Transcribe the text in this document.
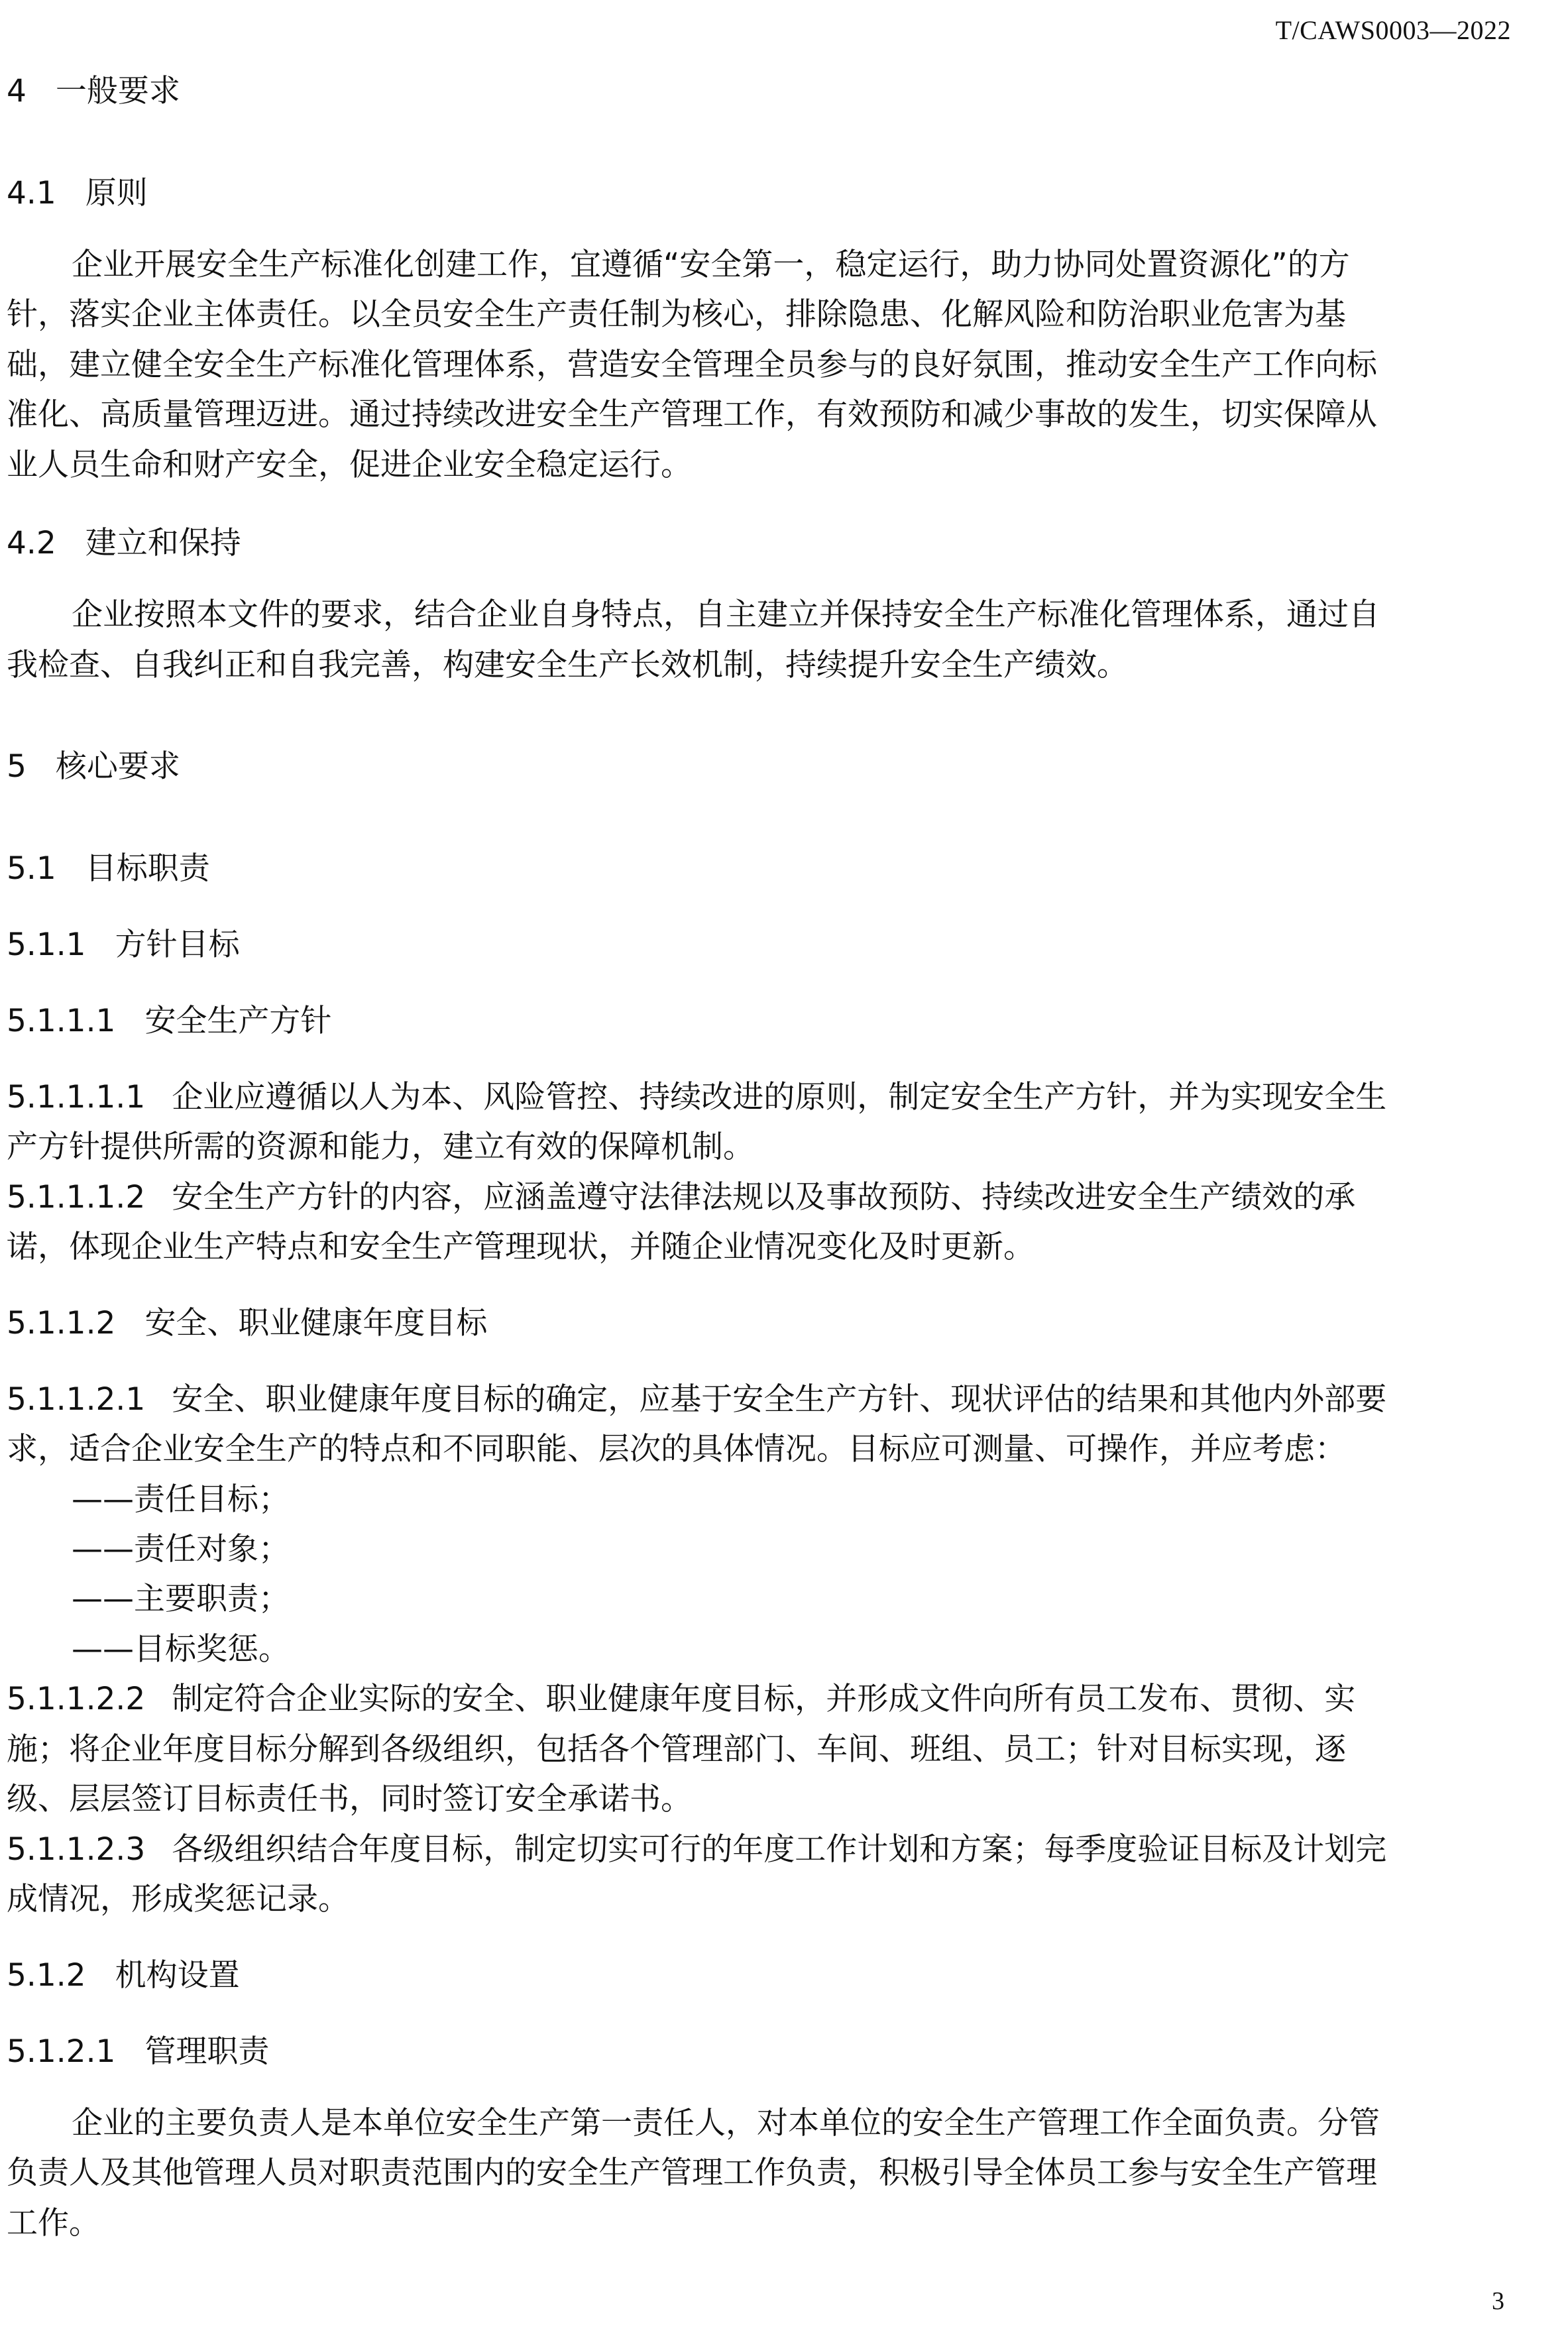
T/CAWS0003—2022
4 一般要求
4.1 原则
企业开展安全生产标准化创建工作，宜遵循“安全第一，稳定运行，助力协同处置资源化”的方
针，落实企业主体责任。以全员安全生产责任制为核心，排除隐患、化解风险和防治职业危害为基
础，建立健全安全生产标准化管理体系，营造安全管理全员参与的良好氛围，推动安全生产工作向标
准化、高质量管理迈进。通过持续改进安全生产管理工作，有效预防和减少事故的发生，切实保障从
业人员生命和财产安全，促进企业安全稳定运行。
4.2 建立和保持
企业按照本文件的要求，结合企业自身特点，自主建立并保持安全生产标准化管理体系，通过自
我检查、自我纠正和自我完善，构建安全生产长效机制，持续提升安全生产绩效。
5 核心要求
5.1 目标职责
5.1.1 方针目标
5.1.1.1 安全生产方针
5.1.1.1.1 企业应遵循以人为本、风险管控、持续改进的原则，制定安全生产方针，并为实现安全生
产方针提供所需的资源和能力，建立有效的保障机制。
5.1.1.1.2 安全生产方针的内容，应涵盖遵守法律法规以及事故预防、持续改进安全生产绩效的承
诺，体现企业生产特点和安全生产管理现状，并随企业情况变化及时更新。
5.1.1.2 安全、职业健康年度目标
5.1.1.2.1 安全、职业健康年度目标的确定，应基于安全生产方针、现状评估的结果和其他内外部要
求，适合企业安全生产的特点和不同职能、层次的具体情况。目标应可测量、可操作，并应考虑：
——责任目标；
——责任对象；
——主要职责；
——目标奖惩。
5.1.1.2.2 制定符合企业实际的安全、职业健康年度目标，并形成文件向所有员工发布、贯彻、实
施；将企业年度目标分解到各级组织，包括各个管理部门、车间、班组、员工；针对目标实现，逐
级、层层签订目标责任书，同时签订安全承诺书。
5.1.1.2.3 各级组织结合年度目标，制定切实可行的年度工作计划和方案；每季度验证目标及计划完
成情况，形成奖惩记录。
5.1.2 机构设置
5.1.2.1 管理职责
企业的主要负责人是本单位安全生产第一责任人，对本单位的安全生产管理工作全面负责。分管
负责人及其他管理人员对职责范围内的安全生产管理工作负责，积极引导全体员工参与安全生产管理
工作。
3
